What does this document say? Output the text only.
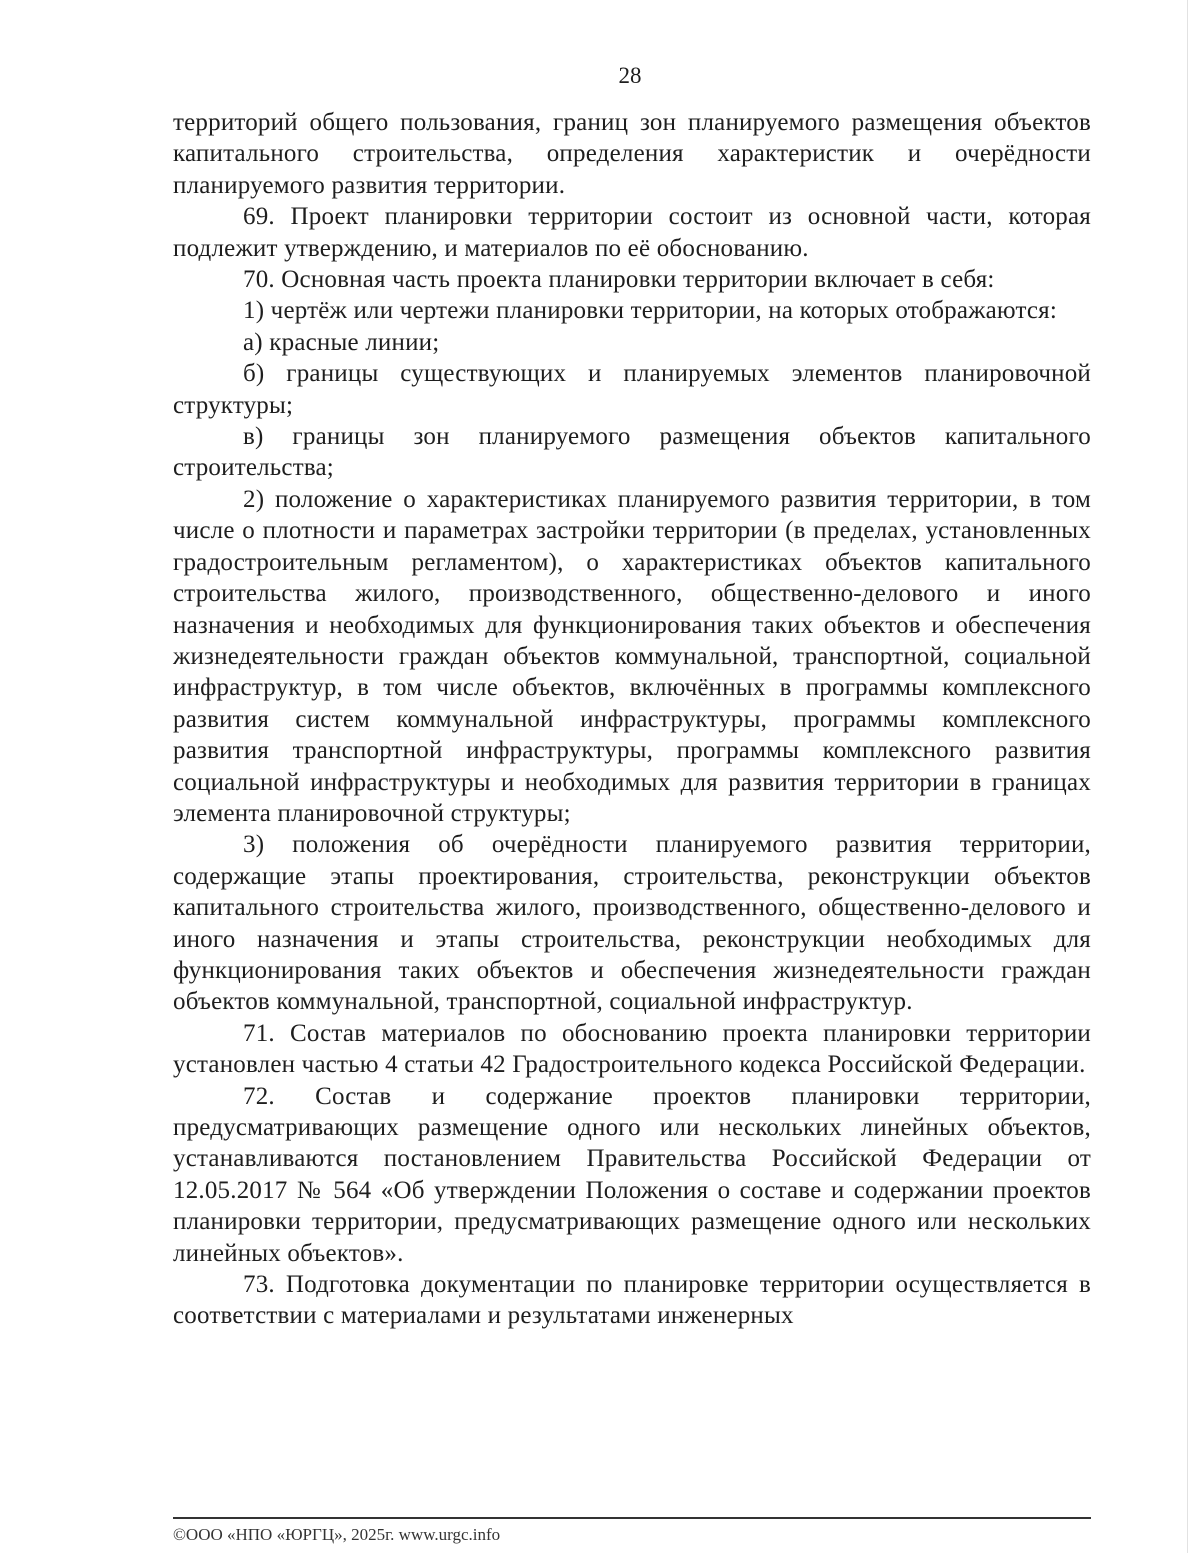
28

территорий общего пользования, границ зон планируемого размещения объектов капитального строительства, определения характеристик и очерёдности планируемого развития территории.

69. Проект планировки территории состоит из основной части, которая подлежит утверждению, и материалов по её обоснованию.

70. Основная часть проекта планировки территории включает в себя:

1) чертёж или чертежи планировки территории, на которых отображаются:

а) красные линии;

б) границы существующих и планируемых элементов планировочной структуры;

в) границы зон планируемого размещения объектов капитального строительства;

2) положение о характеристиках планируемого развития территории, в том числе о плотности и параметрах застройки территории (в пределах, установленных градостроительным регламентом), о характеристиках объектов капитального строительства жилого, производственного, общественно-делового и иного назначения и необходимых для функционирования таких объектов и обеспечения жизнедеятельности граждан объектов коммунальной, транспортной, социальной инфраструктур, в том числе объектов, включённых в программы комплексного развития систем коммунальной инфраструктуры, программы комплексного развития транспортной инфраструктуры, программы комплексного развития социальной инфраструктуры и необходимых для развития территории в границах элемента планировочной структуры;

3) положения об очерёдности планируемого развития территории, содержащие этапы проектирования, строительства, реконструкции объектов капитального строительства жилого, производственного, общественно-делового и иного назначения и этапы строительства, реконструкции необходимых для функционирования таких объектов и обеспечения жизнедеятельности граждан объектов коммунальной, транспортной, социальной инфраструктур.

71. Состав материалов по обоснованию проекта планировки территории установлен частью 4 статьи 42 Градостроительного кодекса Российской Федерации.

72. Состав и содержание проектов планировки территории, предусматривающих размещение одного или нескольких линейных объектов, устанавливаются постановлением Правительства Российской Федерации от 12.05.2017 № 564 «Об утверждении Положения о составе и содержании проектов планировки территории, предусматривающих размещение одного или нескольких линейных объектов».

73. Подготовка документации по планировке территории осуществляется в соответствии с материалами и результатами инженерных

©ООО «НПО «ЮРГЦ», 2025г. www.urgc.info
